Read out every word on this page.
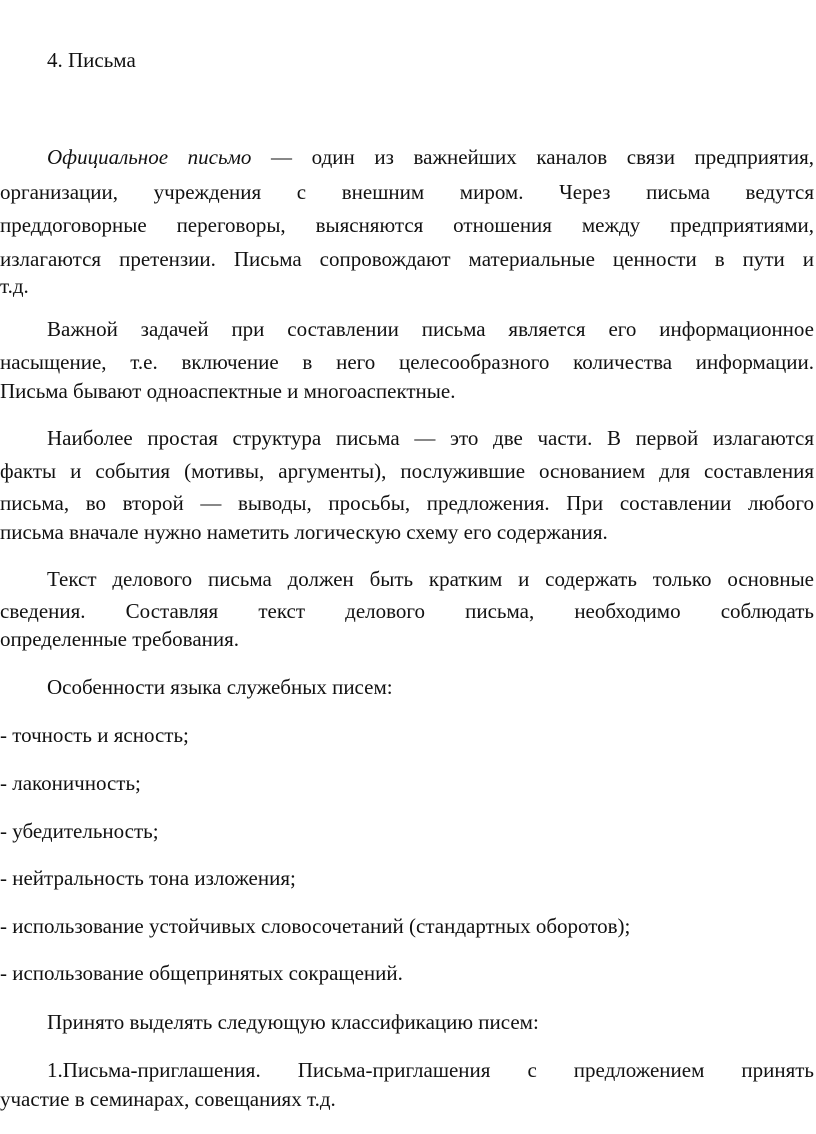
4. Письма
Официальное письмо — один из важнейших каналов связи предприятия,
организации, учреждения с внешним миром. Через письма ведутся
преддоговорные переговоры, выясняются отношения между предприятиями,
излагаются претензии. Письма сопровождают материальные ценности в пути и
т.д.
Важной задачей при составлении письма является его информационное
насыщение, т.е. включение в него целесообразного количества информации.
Письма бывают одноаспектные и многоаспектные.
Наиболее простая структура письма — это две части. В первой излагаются
факты и события (мотивы, аргументы), послужившие основанием для составления
письма, во второй — выводы, просьбы, предложения. При составлении любого
письма вначале нужно наметить логическую схему его содержания.
Текст делового письма должен быть кратким и содержать только основные
сведения. Составляя текст делового письма, необходимо соблюдать
определенные требования.
Особенности языка служебных писем:
- точность и ясность;
- лаконичность;
- убедительность;
- нейтральность тона изложения;
- использование устойчивых словосочетаний (стандартных оборотов);
- использование общепринятых сокращений.
Принято выделять следующую классификацию писем:
1.Письма-приглашения. Письма-приглашения с предложением принять
участие в семинарах, совещаниях т.д.
